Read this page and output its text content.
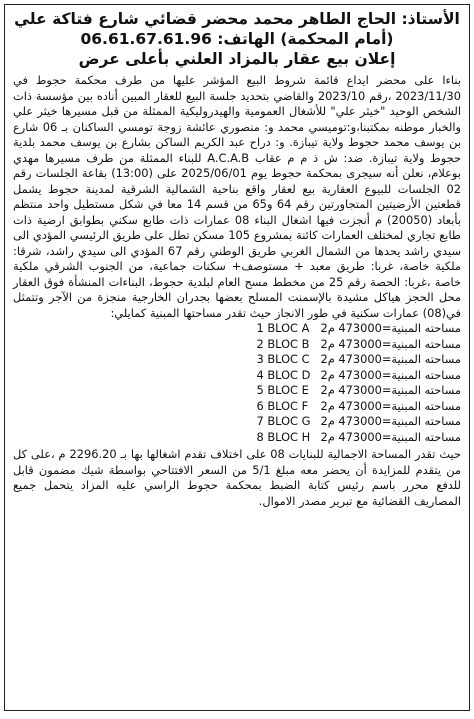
الأستاذ: الحاج الطاهر محمد محضر قضائي شارع فتاكة علي
(أمام المحكمة) الهاتف: 06.61.67.61.96
إعلان بيع عقار بالمزاد العلني بأعلى عرض

بناءا على محضر ايداع قائمة شروط البيع المؤشر عليها من طرف محكمة حجوط في 2023/11/30 ،رقم 2023/10 والقاضي بتحديد جلسة البيع للعقار المبين أناده بين مؤسسة ذات الشخص الوحيد "خيثر علي" للأشغال العمومية والهيدروليكية الممثلة من قبل مسيرها خيثر علي والخبار موطنه بمكتبنا،و:توميسي محمد و: منصوري عائشة زوجة تومسي الساكنان بـ 06 شارع بن يوسف محمد حجوط ولاية تيبازة. و: دراح عبد الكريم الساكن بشارع بن يوسف محمد بلدية حجوط ولاية تيبازة. ضد: ش ذ م م عقاب A.C.A.B للبناء الممثلة من طرف مسيرها مهدي بوعلام، نعلن أنه سيجرى بمحكمة حجوط يوم 2025/06/01 على (13:00) بقاعة الجلسات رقم 02 الجلسات للبيوع العقارية بيع لعقار واقع بناحية الشمالية الشرقية لمدينة حجوط يشمل قطعتين الأرضيتين المتجاورتين رقم 64 و65 من قسم 14 معا في شكل مستطيل واحد منتظم بأبعاد (20050) م أنجزت فيها اشغال البناء 08 عمارات ذات طابع سكني بطوابق ارضية ذات طابع تجاري لمختلف العمارات كائنة بمشروع 105 مسكن تطل على طريق الرئيسي المؤدي الى سيدي راشد يحدها من الشمال الغربي طريق الوطني رقم 67 المؤدي الى سيدي راشد، شرقا: ملكية خاصة، غربا: طريق معبد + مستوصف+ سكنات جماعية، من الجنوب الشرقي ملكية خاصة ،غربا: الحصة رقم 25 من مخطط مسح العام لبلدية حجوط، البناءات المنشأة فوق العقار محل الحجز هياكل مشيدة بالإسمنت المسلح بعضها بجدران الخارجية منجزة من الآجر وتتمثل في(08) عمارات سكنية في طور الانجاز حيث تقدر مساحتها المبنية كمايلي:

1 BLOC A مساحته المبنية=473000 م2
2 BLOC B مساحته المبنية=473000 م2
3 BLOC C مساحته المبنية=473000 م2
4 BLOC D مساحته المبنية=473000 م2
5 BLOC E	مساحته المبنية=473000 م2
6 BLOC F	مساحته المبنية=473000 م2
7 BLOC G مساحته المبنية=473000 م2
8 BLOC H مساحته المبنية=473000 م2

حيث تقدر المساحة الاجمالية للبنايات 08 على اختلاف تقدم اشغالها بها بـ 2296.20 م ،على كل من يتقدم للمزايدة أن يحضر معه مبلغ 5/1 من السعر الافتتاحي بواسطة شيك مضمون قابل للدفع محرر باسم رئيس كتابة الضبط بمحكمة حجوط الراسي عليه المزاد يتحمل جميع المصاريف القضائية مع تبرير مصدر الاموال.
